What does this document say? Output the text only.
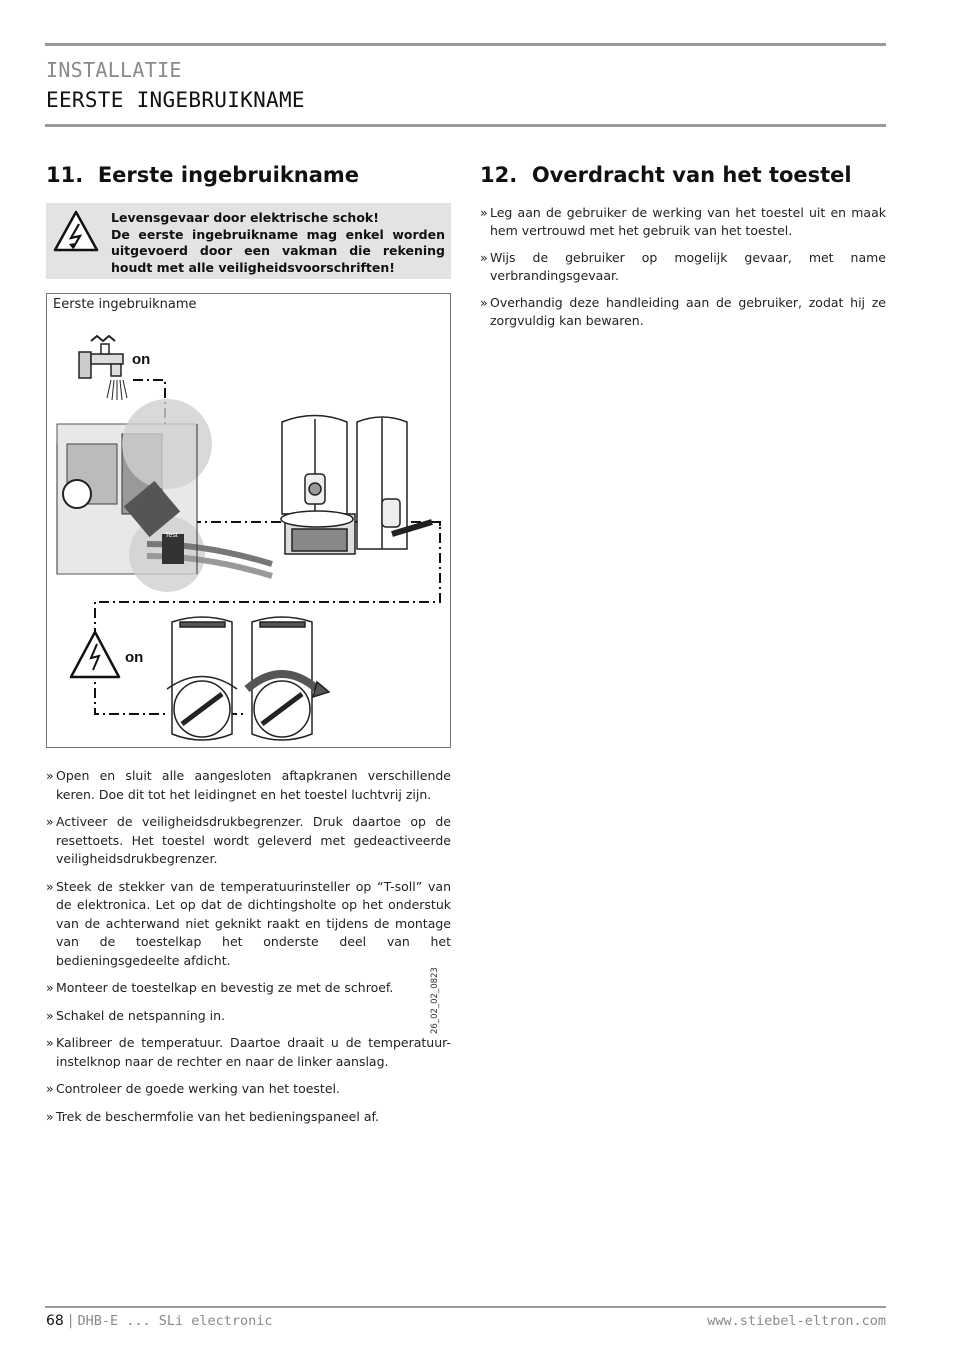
INSTALLATIE
EERSTE INGEBRUIKNAME
11. Eerste ingebruikname
Levensgevaar door elektrische schok!
De eerste ingebruikname mag enkel worden uitgevoerd door een vakman die rekening houdt met alle veiligheidsvoorschriften!
Eerste ingebruikname
on
Test
on
26_02_02_0823
» Open en sluit alle aangesloten aftapkranen verschillende keren. Doe dit tot het leidingnet en het toestel luchtvrij zijn.
» Activeer de veiligheidsdrukbegrenzer. Druk daartoe op de resettoets. Het toestel wordt geleverd met gedeactiveerde veiligheidsdrukbegrenzer.
» Steek de stekker van de temperatuurinsteller op “T-soll” van de elektronica. Let op dat de dichtingsholte op het onderstuk van de achterwand niet geknikt raakt en tijdens de montage van de toestelkap het onderste deel van het bedieningsgedeelte afdicht.
» Monteer de toestelkap en bevestig ze met de schroef.
» Schakel de netspanning in.
» Kalibreer de temperatuur. Daartoe draait u de temperatuur-instelknop naar de rechter en naar de linker aanslag.
» Controleer de goede werking van het toestel.
» Trek de beschermfolie van het bedieningspaneel af.
12. Overdracht van het toestel
» Leg aan de gebruiker de werking van het toestel uit en maak hem vertrouwd met het gebruik van het toestel.
» Wijs de gebruiker op mogelijk gevaar, met name verbrandingsgevaar.
» Overhandig deze handleiding aan de gebruiker, zodat hij ze zorgvuldig kan bewaren.
68 | DHB-E ... SLi electronic	www.stiebel-eltron.com
